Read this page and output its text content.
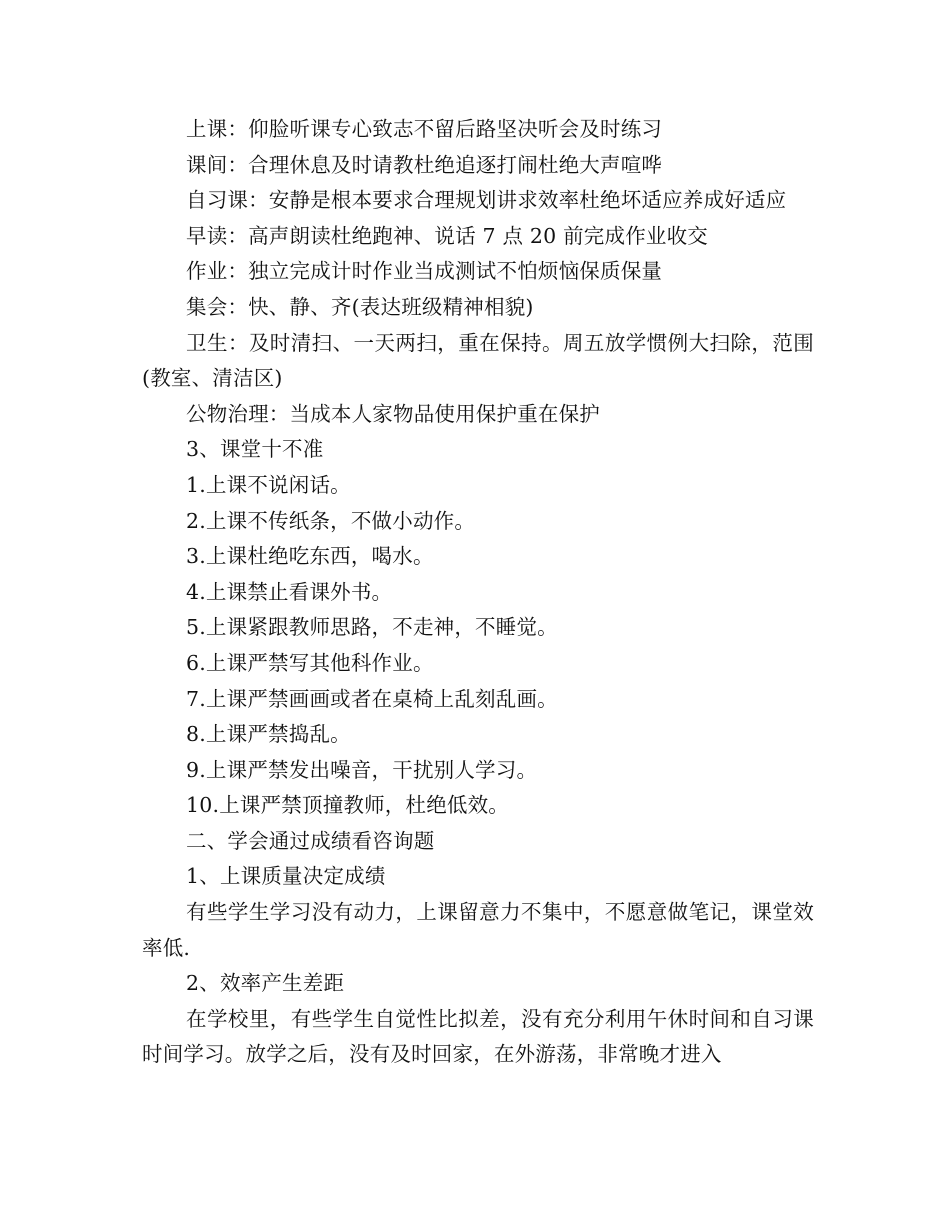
上课：仰脸听课专心致志不留后路坚决听会及时练习

课间：合理休息及时请教杜绝追逐打闹杜绝大声喧哗

自习课：安静是根本要求合理规划讲求效率杜绝坏适应养成好适应

早读：高声朗读杜绝跑神、说话 7 点 20 前完成作业收交

作业：独立完成计时作业当成测试不怕烦恼保质保量

集会：快、静、齐(表达班级精神相貌)

卫生：及时清扫、一天两扫，重在保持。周五放学惯例大扫除，范围(教室、清洁区)

公物治理：当成本人家物品使用保护重在保护

3、课堂十不准

1.上课不说闲话。

2.上课不传纸条，不做小动作。

3.上课杜绝吃东西，喝水。

4.上课禁止看课外书。

5.上课紧跟教师思路，不走神，不睡觉。

6.上课严禁写其他科作业。

7.上课严禁画画或者在桌椅上乱刻乱画。

8.上课严禁捣乱。

9.上课严禁发出噪音，干扰别人学习。

10.上课严禁顶撞教师，杜绝低效。

二、学会通过成绩看咨询题

1、上课质量决定成绩

有些学生学习没有动力，上课留意力不集中，不愿意做笔记，课堂效率低.

2、效率产生差距

在学校里，有些学生自觉性比拟差，没有充分利用午休时间和自习课时间学习。放学之后，没有及时回家，在外游荡，非常晚才进入
